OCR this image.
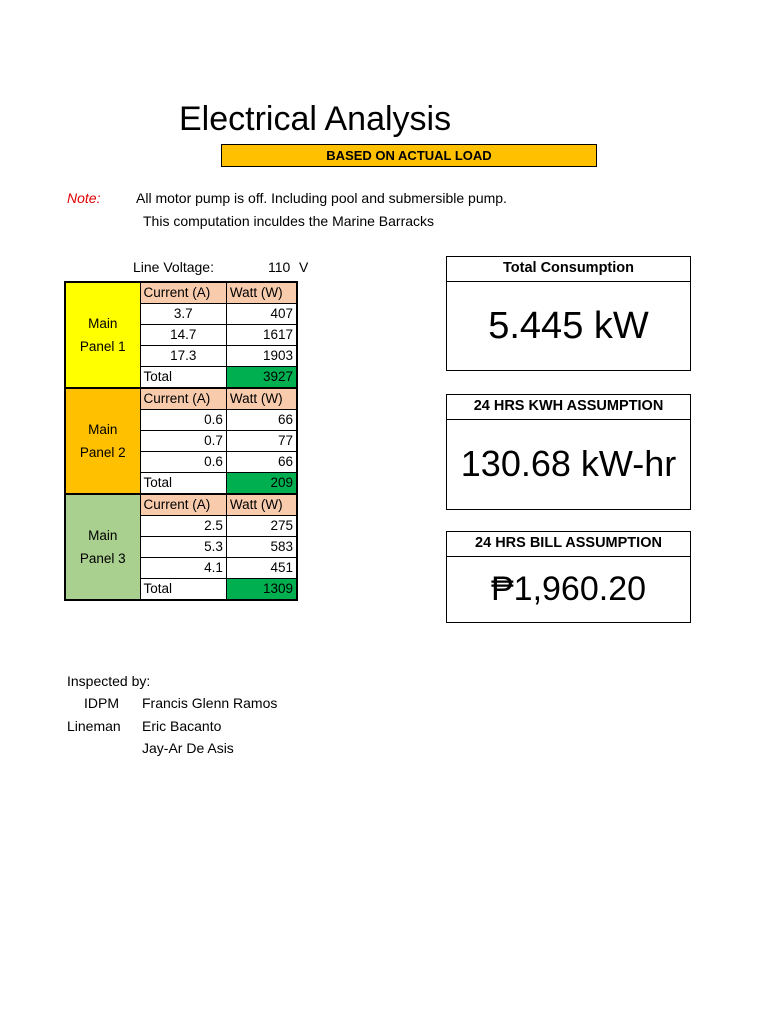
Electrical Analysis
BASED ON ACTUAL LOAD
Note:	All motor pump is off. Including pool and submersible pump.
This computation inculdes the Marine Barracks
Line Voltage:	110 V
Main
Panel 1	Current (A)	Watt (W)
	3.7	407
	14.7	1617
	17.3	1903
	Total	3927
Main
Panel 2	Current (A)	Watt (W)
	0.6	66
	0.7	77
	0.6	66
	Total	209
Main
Panel 3	Current (A)	Watt (W)
	2.5	275
	5.3	583
	4.1	451
	Total	1309
Total Consumption
5.445 kW
24 HRS KWH ASSUMPTION
130.68 kW-hr
24 HRS BILL ASSUMPTION
₱1,960.20
Inspected by:
IDPM Francis Glenn Ramos
Lineman Eric Bacanto
Jay-Ar De Asis
